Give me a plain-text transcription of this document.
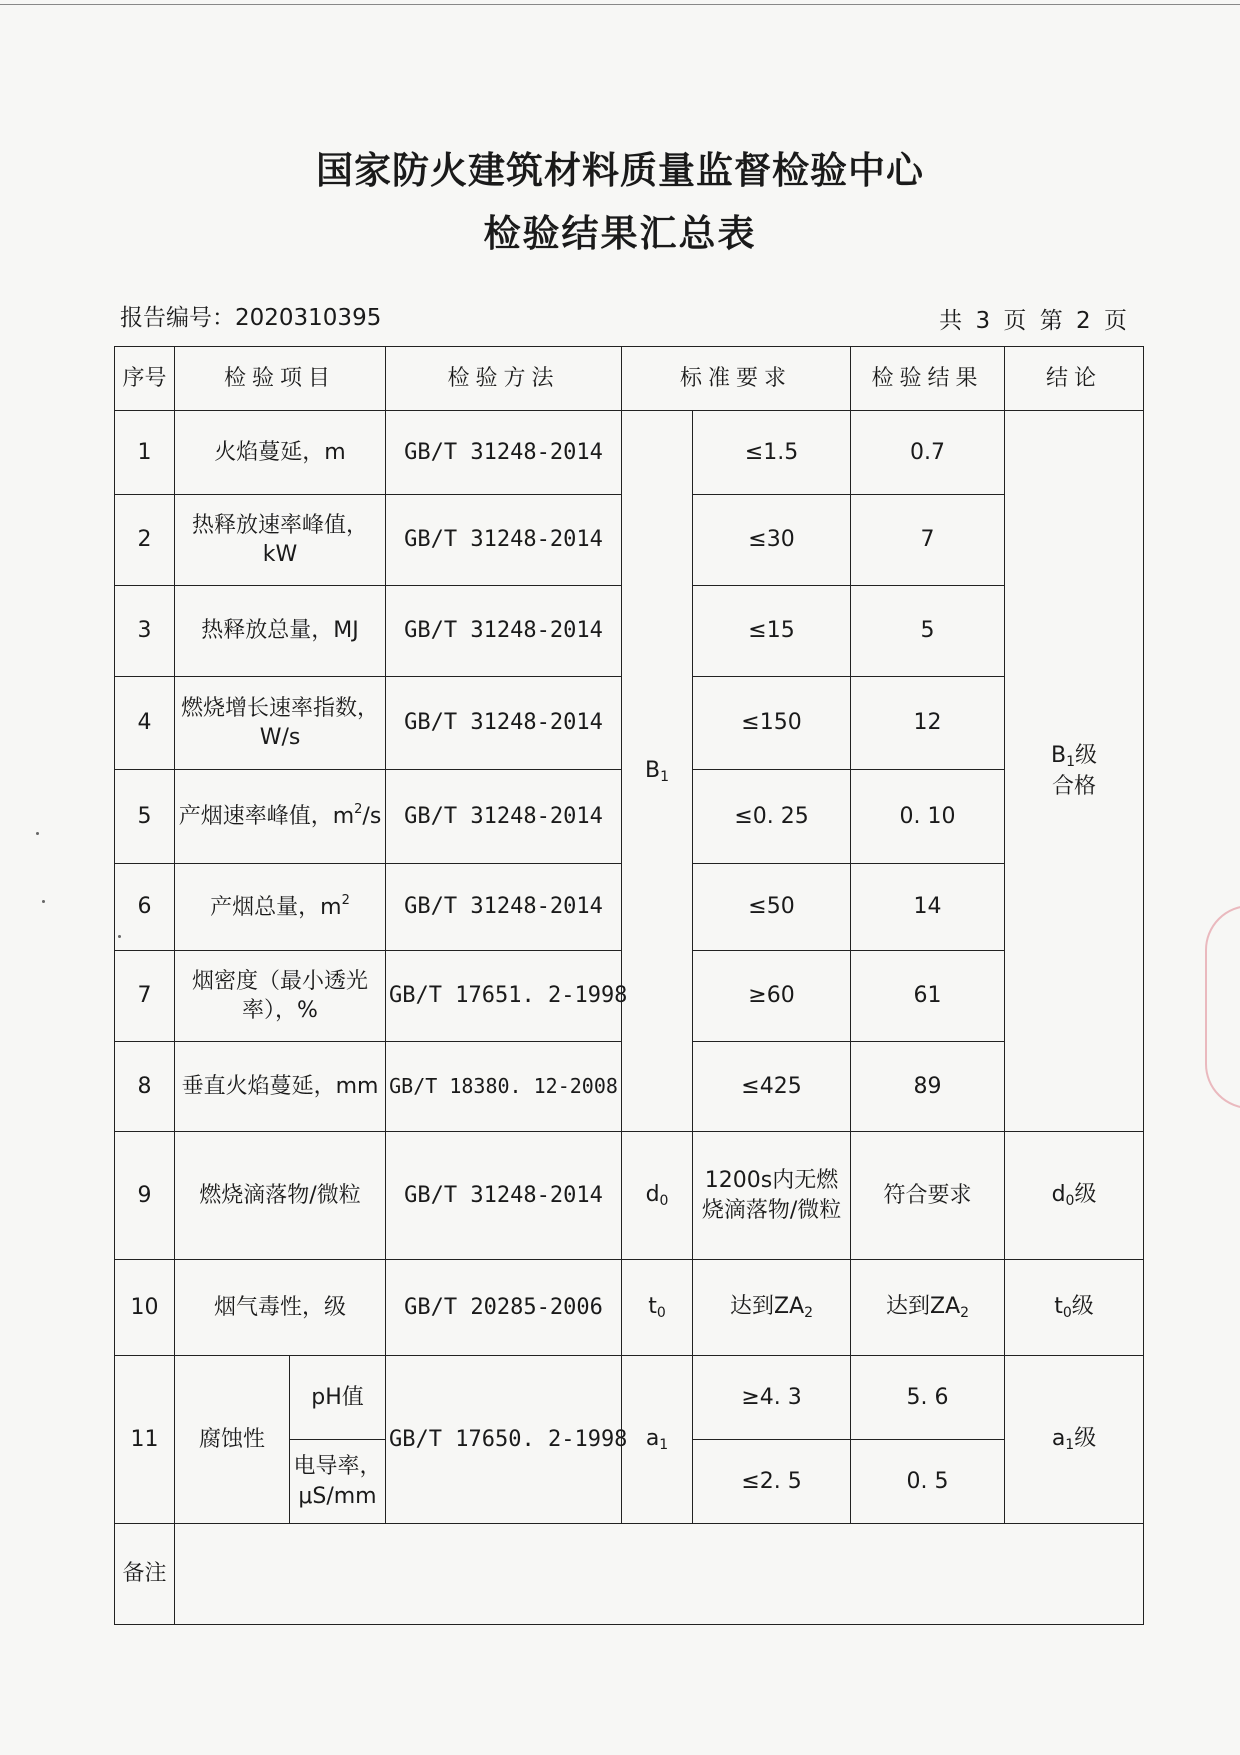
国家防火建筑材料质量监督检验中心
检验结果汇总表
报告编号：2020310395	共 3 页 第 2 页
序号	检验项目		检验方法	标准要求		检验结果	结论
1	火焰蔓延，m		GB/T 31248-2014	$B_1$	≤1.5	0.7	$B_1$级
合格
2	热释放速率峰值，kW		GB/T 31248-2014		≤30	7	
3	热释放总量，MJ		GB/T 31248-2014		≤15	5	
4	燃烧增长速率指数，W/s		GB/T 31248-2014		≤150	12	
5	产烟速率峰值，$m^2/s$		GB/T 31248-2014		≤0. 25	0. 10	
6	产烟总量，$m^2$		GB/T 31248-2014		≤50	14	
7	烟密度（最小透光率），%		GB/T 17651. 2-1998		≥60	61	
8	垂直火焰蔓延，mm		GB/T 18380. 12-2008		≤425	89	
9	燃烧滴落物/微粒		GB/T 31248-2014	$d_0$	1200s内无燃烧滴落物/微粒	符合要求	$d_0$级
10	烟气毒性，级		GB/T 20285-2006	$t_0$	达到$ZA_2$	达到$ZA_2$	$t_0$级
11	腐蚀性	pH值	GB/T 17650. 2-1998	$a_1$	≥4. 3	5. 6	$a_1$级
		电导率，μS/mm			≤2. 5	0. 5	
备注							
